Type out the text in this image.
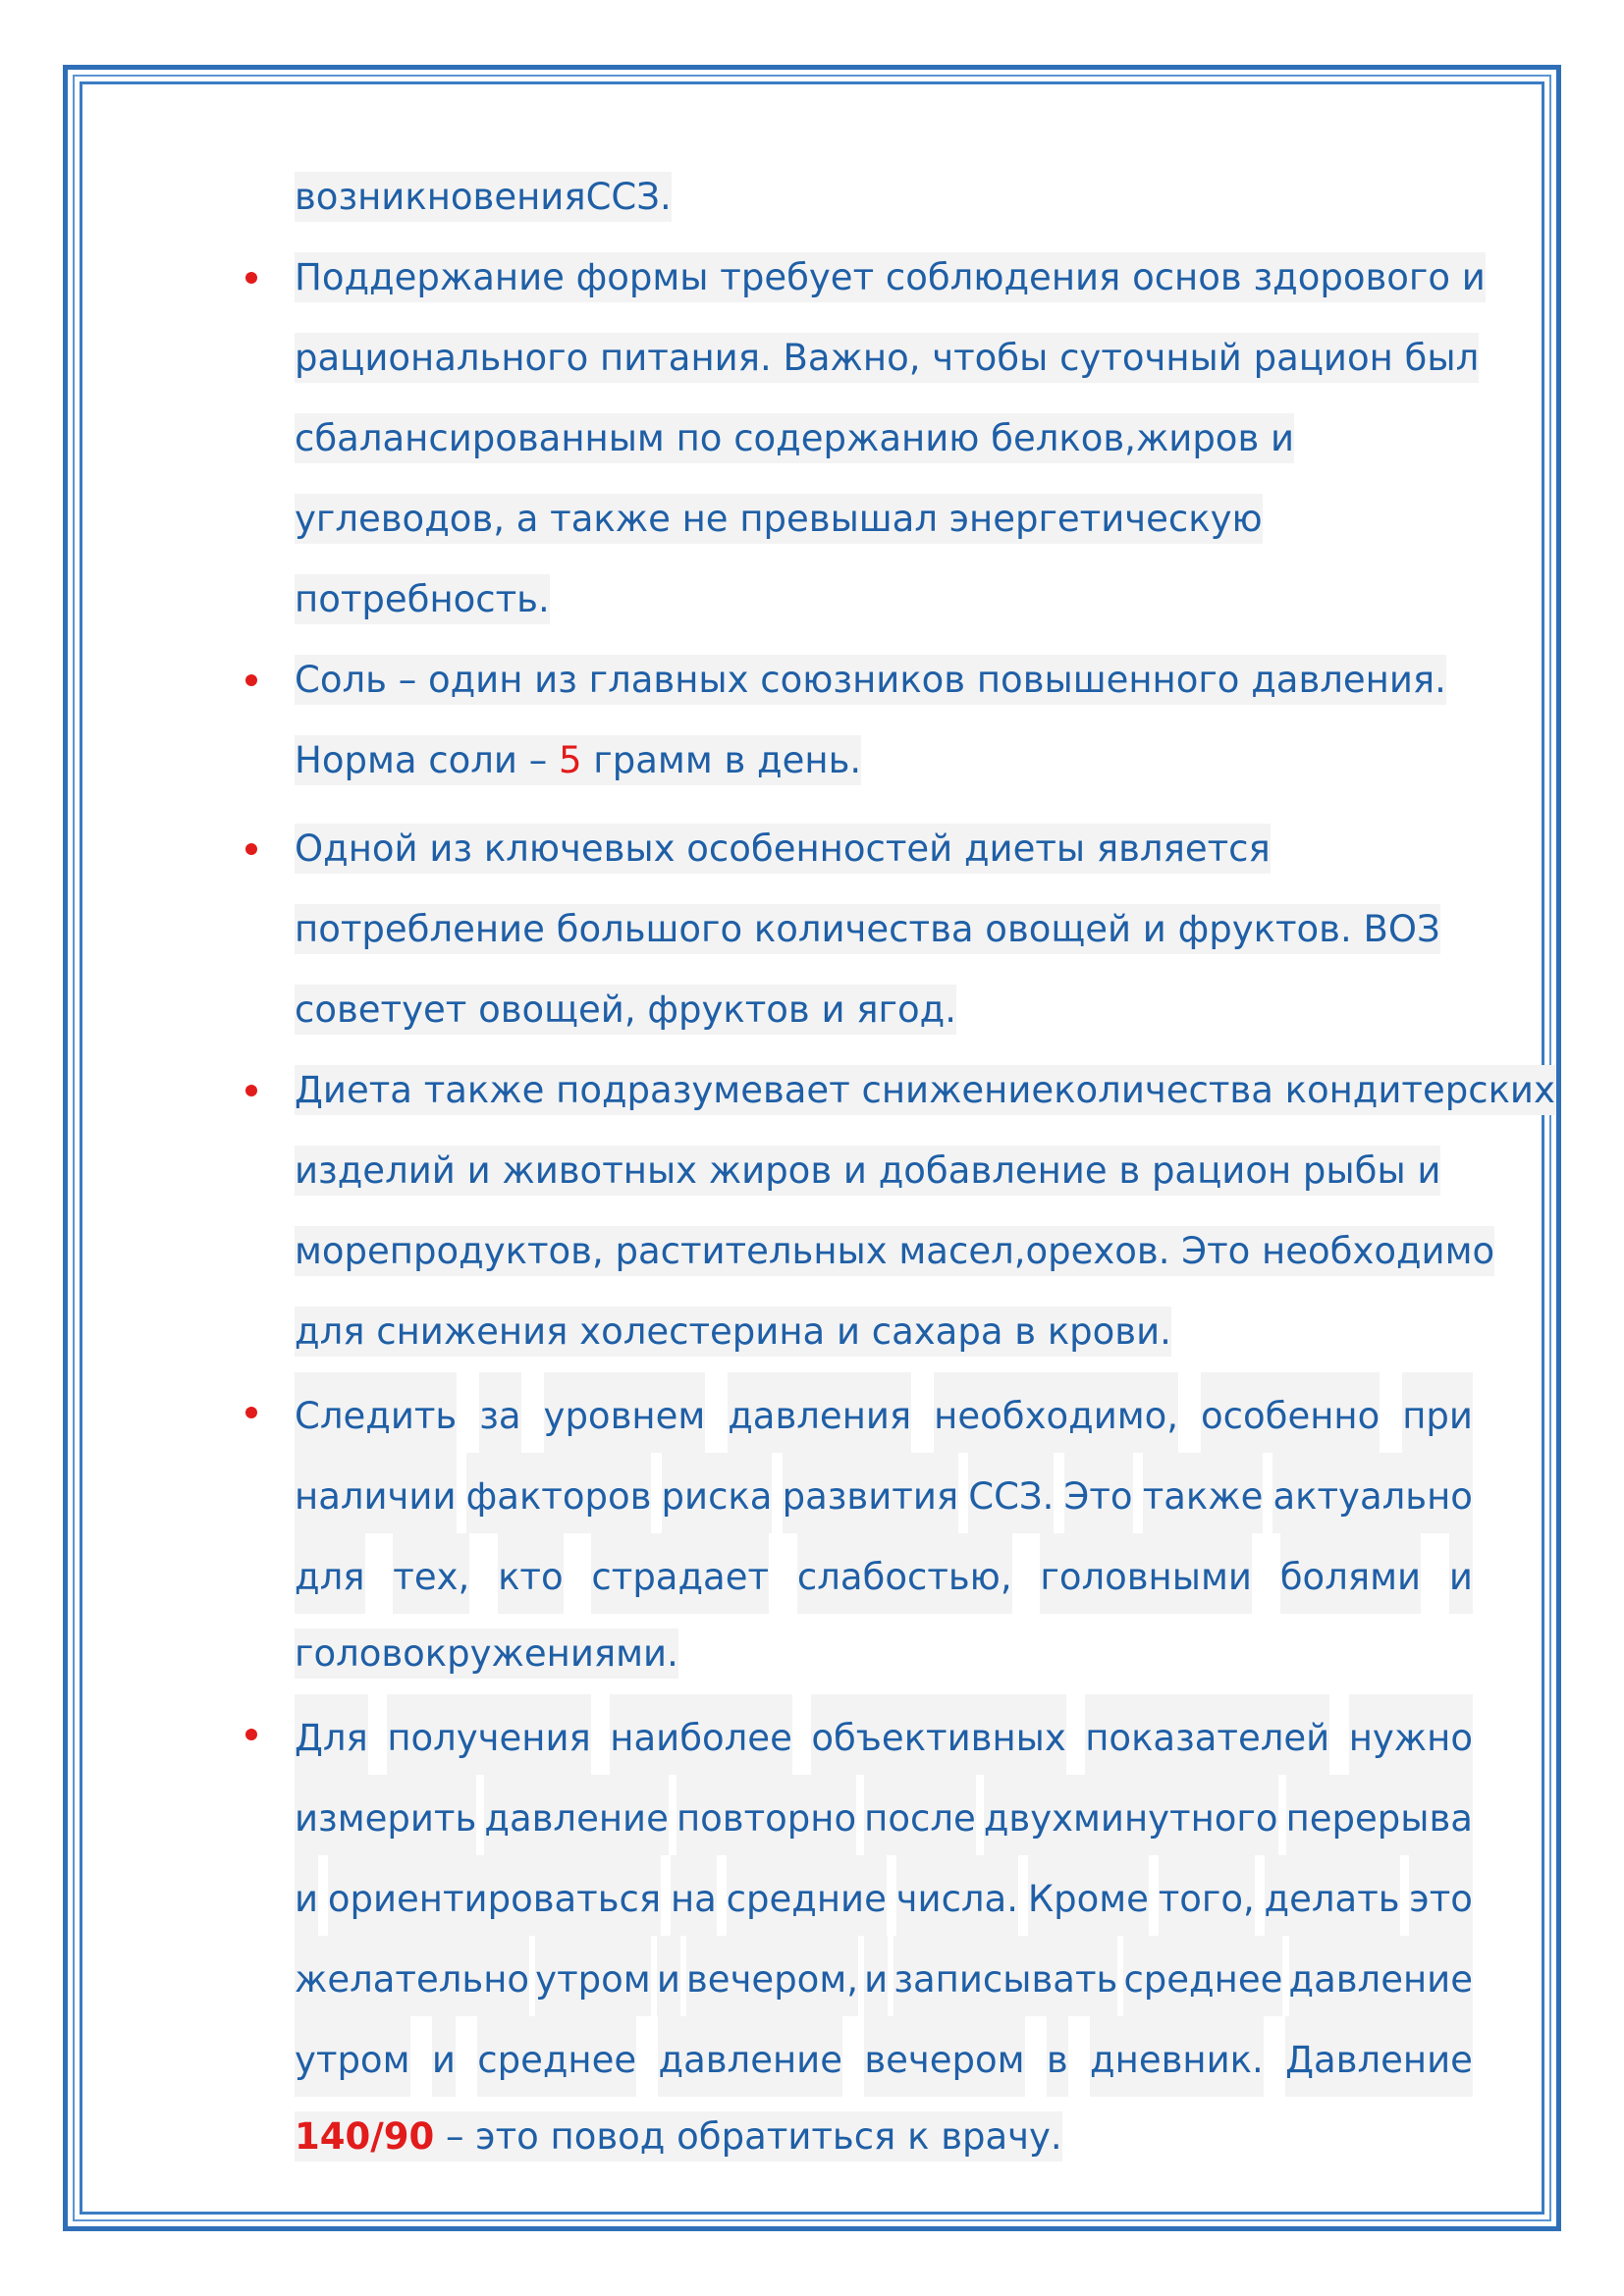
возникновенияССЗ.
Поддержание формы требует соблюдения основ здорового и
рационального питания. Важно, чтобы суточный рацион был
сбалансированным по содержанию белков,жиров и
углеводов, а также не превышал энергетическую
потребность.
Соль – один из главных союзников повышенного давления.
Норма соли – 5 грамм в день.
Одной из ключевых особенностей диеты является
потребление большого количества овощей и фруктов. ВОЗ
советует овощей, фруктов и ягод.
Диета также подразумевает снижениеколичества кондитерских
изделий и животных жиров и добавление в рацион рыбы и
морепродуктов, растительных масел,орехов. Это необходимо
для снижения холестерина и сахара в крови.
Следить за уровнем давления необходимо, особенно при
наличии факторов риска развития ССЗ. Это также актуально
для тех, кто страдает слабостью, головными болями и
головокружениями.
Для получения наиболее объективных показателей нужно
измерить давление повторно после двухминутного перерыва
и ориентироваться на средние числа. Кроме того, делать это
желательно утром и вечером, и записывать среднее давление
утром и среднее давление вечером в дневник. Давление
140/90 – это повод обратиться к врачу.
